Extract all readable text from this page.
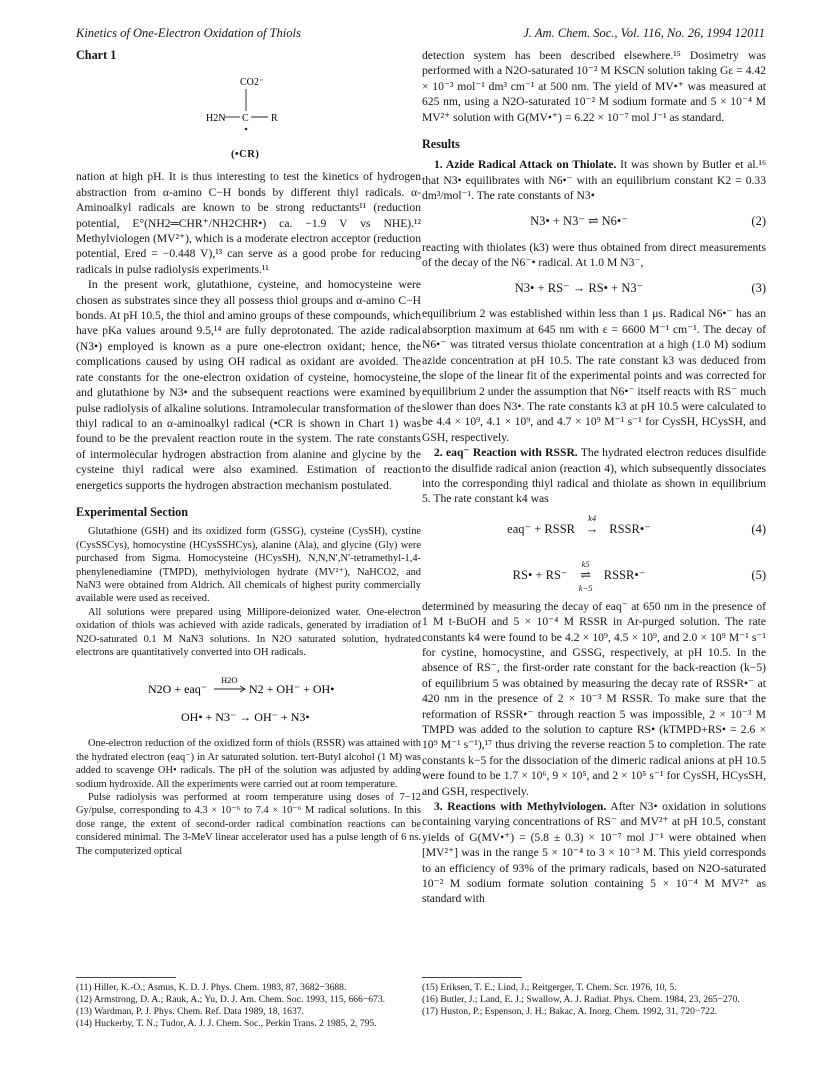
Kinetics of One-Electron Oxidation of Thiols	J. Am. Chem. Soc., Vol. 116, No. 26, 1994 12011
Chart 1
CO2⁻
H2N C R
(•CR)

nation at high pH. It is thus interesting to test the kinetics of hydrogen abstraction from α-amino C−H bonds by different thiyl radicals. α-Aminoalkyl radicals are known to be strong reductants¹¹ (reduction potential, E°(NH2═CHR⁺/NH2CHR•) ca. −1.9 V vs NHE).¹² Methylviologen (MV²⁺), which is a moderate electron acceptor (reduction potential, Ered = −0.448 V),¹³ can serve as a good probe for reducing radicals in pulse radiolysis experiments.¹¹

In the present work, glutathione, cysteine, and homocysteine were chosen as substrates since they all possess thiol groups and α-amino C−H bonds. At pH 10.5, the thiol and amino groups of these compounds, which have pKa values around 9.5,¹⁴ are fully deprotonated. The azide radical (N3•) employed is known as a pure one-electron oxidant; hence, the complications caused by using OH radical as oxidant are avoided. The rate constants for the one-electron oxidation of cysteine, homocysteine, and glutathione by N3• and the subsequent reactions were examined by pulse radiolysis of alkaline solutions. Intramolecular transformation of the thiyl radical to an α-aminoalkyl radical (•CR is shown in Chart 1) was found to be the prevalent reaction route in the system. The rate constants of intermolecular hydrogen abstraction from alanine and glycine by the cysteine thiyl radical were also examined. Estimation of reaction energetics supports the hydrogen abstraction mechanism postulated.

Experimental Section

Glutathione (GSH) and its oxidized form (GSSG), cysteine (CysSH), cystine (CysSSCys), homocystine (HCysSSHCys), alanine (Ala), and glycine (Gly) were purchased from Sigma. Homocysteine (HCysSH), N,N,N′,N′-tetramethyl-1,4-phenylenediamine (TMPD), methylviologen hydrate (MV²⁺), NaHCO2, and NaN3 were obtained from Aldrich. All chemicals of highest purity commercially available were used as received.

All solutions were prepared using Millipore-deionized water. One-electron oxidation of thiols was achieved with azide radicals, generated by irradiation of N2O-saturated 0.1 M NaN3 solutions. In N2O saturated solution, hydrated electrons are quantitatively converted into OH radicals.

N2O + eaq⁻
H2O
N2 + OH⁻ + OH•
OH• + N3⁻ → OH⁻ + N3•

One-electron reduction of the oxidized form of thiols (RSSR) was attained with the hydrated electron (eaq⁻) in Ar saturated solution. tert-Butyl alcohol (1 M) was added to scavenge OH• radicals. The pH of the solution was adjusted by adding sodium hydroxide. All the experiments were carried out at room temperature.

Pulse radiolysis was performed at room temperature using doses of 7−12 Gy/pulse, corresponding to 4.3 × 10⁻⁶ to 7.4 × 10⁻⁶ M radical solutions. In this dose range, the extent of second-order radical combination reactions can be considered minimal. The 3-MeV linear accelerator used has a pulse length of 6 ns. The computerized optical

detection system has been described elsewhere.¹⁵ Dosimetry was performed with a N2O-saturated 10⁻² M KSCN solution taking Gε = 4.42 × 10⁻³ mol⁻¹ dm³ cm⁻¹ at 500 nm. The yield of MV•⁺ was measured at 625 nm, using a N2O-saturated 10⁻² M sodium formate and 5 × 10⁻⁴ M MV²⁺ solution with G(MV•⁺) = 6.22 × 10⁻⁷ mol J⁻¹ as standard.

Results

1. Azide Radical Attack on Thiolate. It was shown by Butler et al.¹⁶ that N3• equilibrates with N6•⁻ with an equilibrium constant K2 = 0.33 dm³/mol⁻¹. The rate constants of N3•

N3• + N3⁻ ⇌ N6•⁻	(2)

reacting with thiolates (k3) were thus obtained from direct measurements of the decay of the N6⁻• radical. At 1.0 M N3⁻,

N3• + RS⁻ → RS• + N3⁻	(3)

equilibrium 2 was established within less than 1 μs. Radical N6•⁻ has an absorption maximum at 645 nm with ε = 6600 M⁻¹ cm⁻¹. The decay of N6•⁻ was titrated versus thiolate concentration at a high (1.0 M) sodium azide concentration at pH 10.5. The rate constant k3 was deduced from the slope of the linear fit of the experimental points and was corrected for equilibrium 2 under the assumption that N6•⁻ itself reacts with RS⁻ much slower than does N3•. The rate constants k3 at pH 10.5 were calculated to be 4.4 × 10⁹, 4.1 × 10⁹, and 4.7 × 10⁹ M⁻¹ s⁻¹ for CysSH, HCysSH, and GSH, respectively.

2. eaq⁻ Reaction with RSSR. The hydrated electron reduces disulfide to the disulfide radical anion (reaction 4), which subsequently dissociates into the corresponding thiyl radical and thiolate as shown in equilibrium 5. The rate constant k4 was

eaq⁻ + RSSR
k4
→ RSSR•⁻	(4)
RS• + RS⁻
k5
⇌
k−5
RSSR•⁻	(5)

determined by measuring the decay of eaq⁻ at 650 nm in the presence of 1 M t-BuOH and 5 × 10⁻⁴ M RSSR in Ar-purged solution. The rate constants k4 were found to be 4.2 × 10⁹, 4.5 × 10⁹, and 2.0 × 10⁹ M⁻¹ s⁻¹ for cystine, homocystine, and GSSG, respectively, at pH 10.5. In the absence of RS⁻, the first-order rate constant for the back-reaction (k−5) of equilibrium 5 was obtained by measuring the decay rate of RSSR•⁻ at 420 nm in the presence of 2 × 10⁻³ M RSSR. To make sure that the reformation of RSSR•⁻ through reaction 5 was impossible, 2 × 10⁻³ M TMPD was added to the solution to capture RS• (kTMPD+RS• = 2.6 × 10⁹ M⁻¹ s⁻¹),¹⁷ thus driving the reverse reaction 5 to completion. The rate constants k−5 for the dissociation of the dimeric radical anions at pH 10.5 were found to be 1.7 × 10⁶, 9 × 10⁵, and 2 × 10⁵ s⁻¹ for CysSH, HCysSH, and GSH, respectively.

3. Reactions with Methylviologen. After N3• oxidation in solutions containing varying concentrations of RS⁻ and MV²⁺ at pH 10.5, constant yields of G(MV•⁺) = (5.8 ± 0.3) × 10⁻⁷ mol J⁻¹ were obtained when [MV²⁺] was in the range 5 × 10⁻⁴ to 3 × 10⁻³ M. This yield corresponds to an efficiency of 93% of the primary radicals, based on N2O-saturated 10⁻² M sodium formate solution containing 5 × 10⁻⁴ M MV²⁺ as standard with

(11) Hiller, K.-O.; Asmus, K. D. J. Phys. Chem. 1983, 87, 3682−3688.

(12) Armstrong, D. A.; Rauk, A.; Yu, D. J. Am. Chem. Soc. 1993, 115, 666−673.

(13) Wardman, P. J. Phys. Chem. Ref. Data 1989, 18, 1637.

(14) Huckerby, T. N.; Tudor, A. J. J. Chem. Soc., Perkin Trans. 2 1985, 2, 795.

(15) Eriksen, T. E.; Lind, J.; Reitgerger, T. Chem. Scr. 1976, 10, 5.

(16) Butler, J.; Land, E. J.; Swallow, A. J. Radiat. Phys. Chem. 1984, 23, 265−270.

(17) Huston, P.; Espenson, J. H.; Bakac, A. Inorg. Chem. 1992, 31, 720−722.
